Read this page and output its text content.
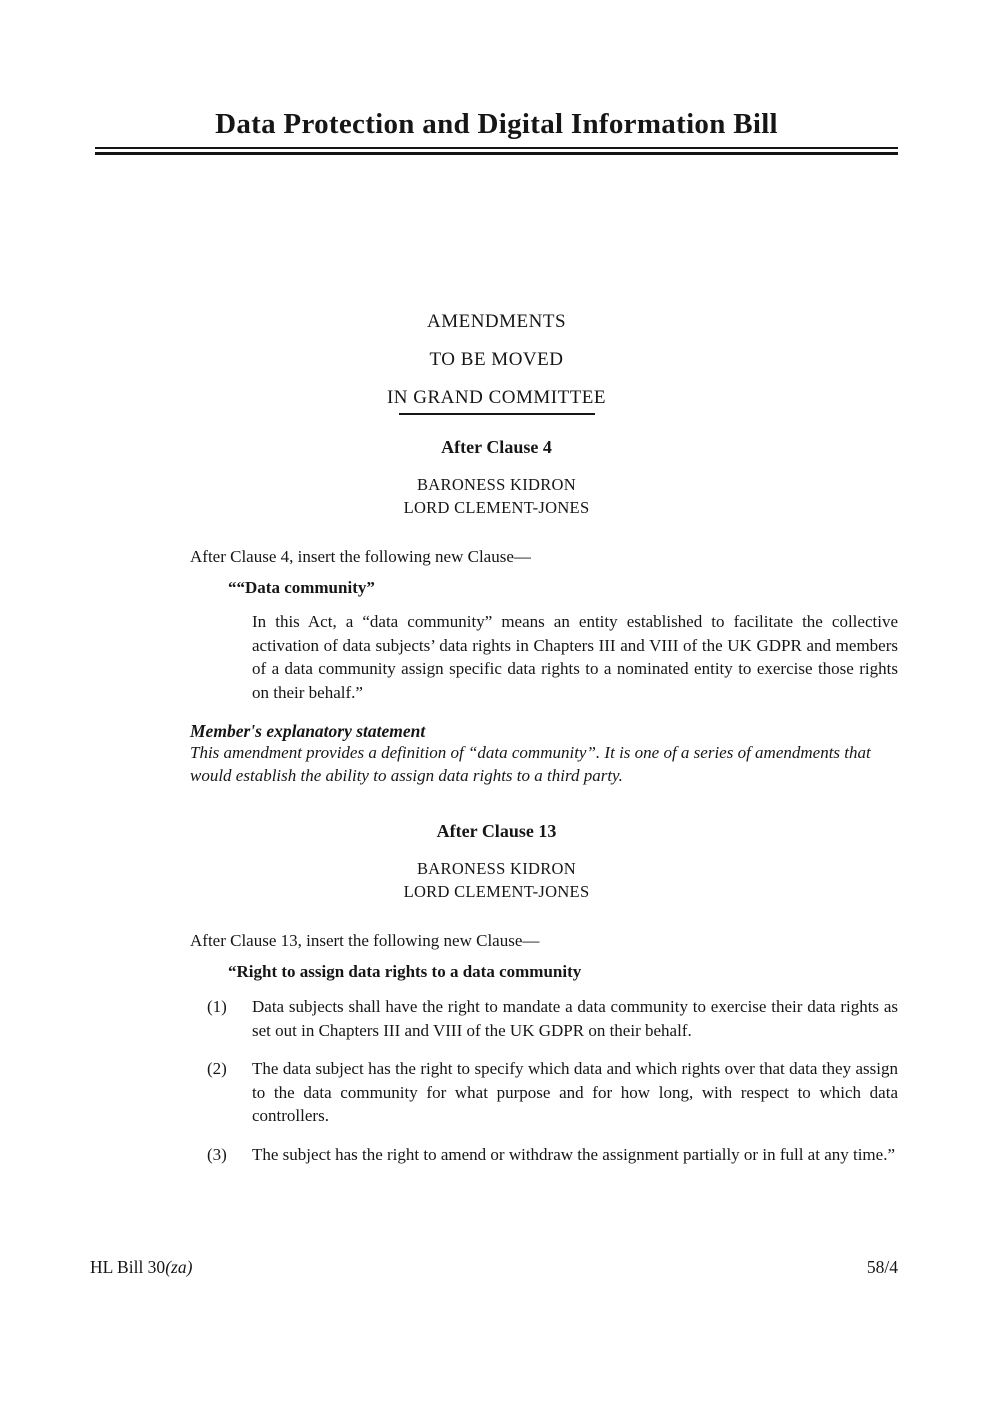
Data Protection and Digital Information Bill
AMENDMENTS
TO BE MOVED
IN GRAND COMMITTEE
After Clause 4
BARONESS KIDRON
LORD CLEMENT-JONES

After Clause 4, insert the following new Clause—

““Data community”

In this Act, a “data community” means an entity established to facilitate the collective activation of data subjects’ data rights in Chapters III and VIII of the UK GDPR and members of a data community assign specific data rights to a nominated entity to exercise those rights on their behalf.”

Member's explanatory statement
This amendment provides a definition of “data community”. It is one of a series of amendments that would establish the ability to assign data rights to a third party.
After Clause 13
BARONESS KIDRON
LORD CLEMENT-JONES

After Clause 13, insert the following new Clause—

“Right to assign data rights to a data community

(1)	Data subjects shall have the right to mandate a data community to exercise their data rights as set out in Chapters III and VIII of the UK GDPR on their behalf.
(2)	The data subject has the right to specify which data and which rights over that data they assign to the data community for what purpose and for how long, with respect to which data controllers.
(3)	The subject has the right to amend or withdraw the assignment partially or in full at any time.”
HL Bill 30(za)	58/4
